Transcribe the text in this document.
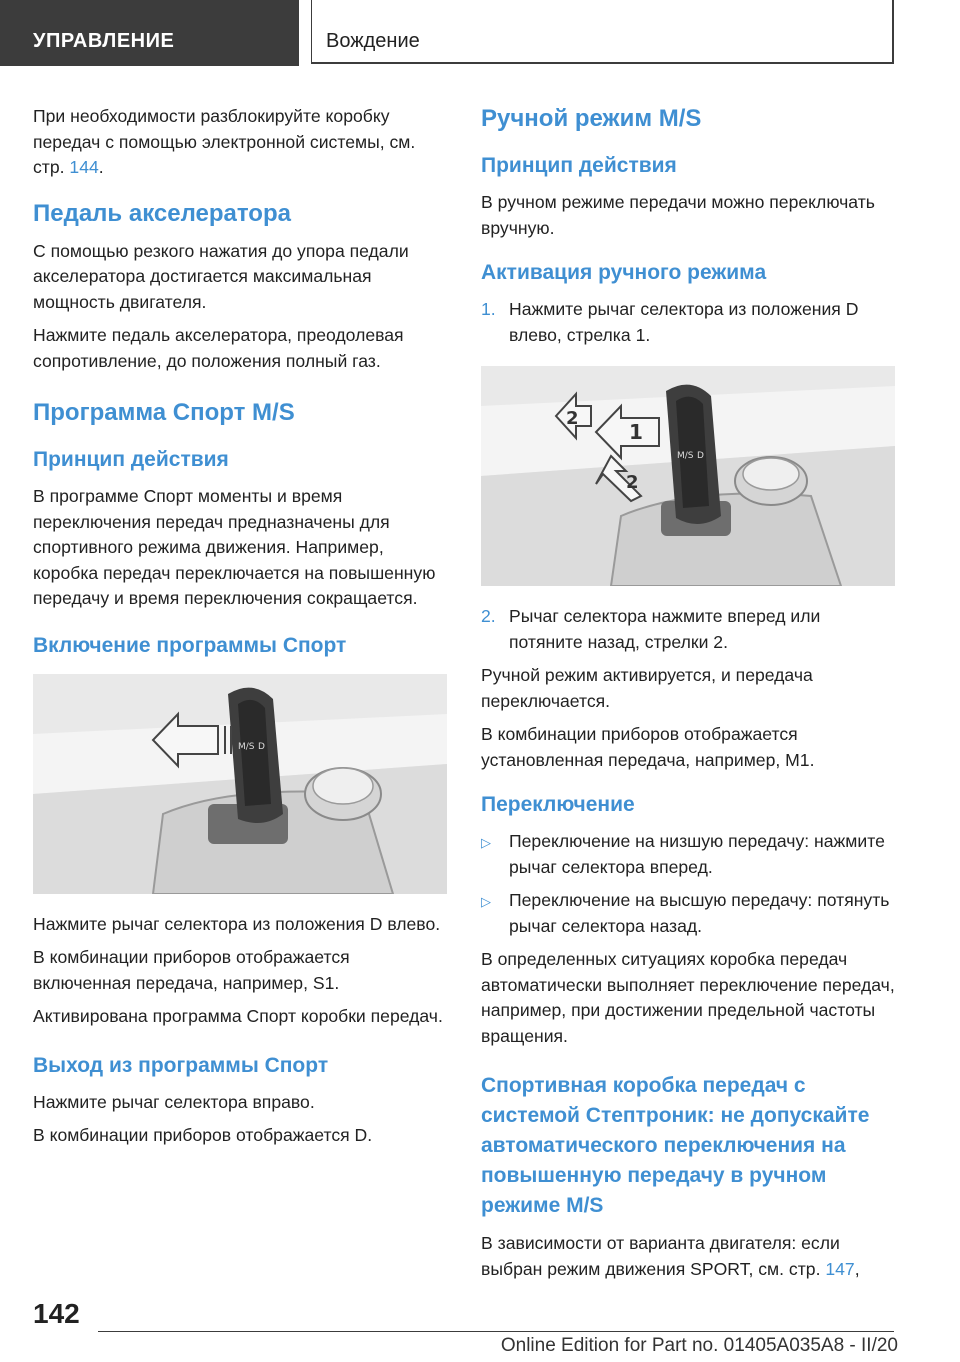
УПРАВЛЕНИЕ	Вождение

При необходимости разблокируйте коробку передач с помощью электронной системы, см. стр. 144.

Педаль акселератора

С помощью резкого нажатия до упора педали акселератора достигается максимальная мощность двигателя.

Нажмите педаль акселератора, преодолевая сопротивление, до положения полный газ.

Программа Спорт M/S
Принцип действия

В программе Спорт моменты и время переключения передач предназначены для спортивного режима движения. Например, коробка передач переключается на повышенную передачу и время переключения сокращается.

Включение программы Спорт
M/S D

Нажмите рычаг селектора из положения D влево.

В комбинации приборов отображается включенная передача, например, S1.

Активирована программа Спорт коробки передач.

Выход из программы Спорт

Нажмите рычаг селектора вправо.

В комбинации приборов отображается D.

Ручной режим M/S
Принцип действия

В ручном режиме передачи можно переключать вручную.

Активация ручного режима
1. Нажмите рычаг селектора из положения D влево, стрелка 1.
M/S D
1
2
2
2. Рычаг селектора нажмите вперед или потяните назад, стрелки 2.

Ручной режим активируется, и передача переключается.

В комбинации приборов отображается установленная передача, например, M1.

Переключение
▷ Переключение на низшую передачу: нажмите рычаг селектора вперед.
▷ Переключение на высшую передачу: потянуть рычаг селектора назад.

В определенных ситуациях коробка передач автоматически выполняет переключение передач, например, при достижении предельной частоты вращения.

Спортивная коробка передач с системой Стептроник: не допускайте автоматического переключения на повышенную передачу в ручном режиме M/S

В зависимости от варианта двигателя: если выбран режим движения SPORT, см. стр. 147,

142
Online Edition for Part no. 01405A035A8 - II/20
